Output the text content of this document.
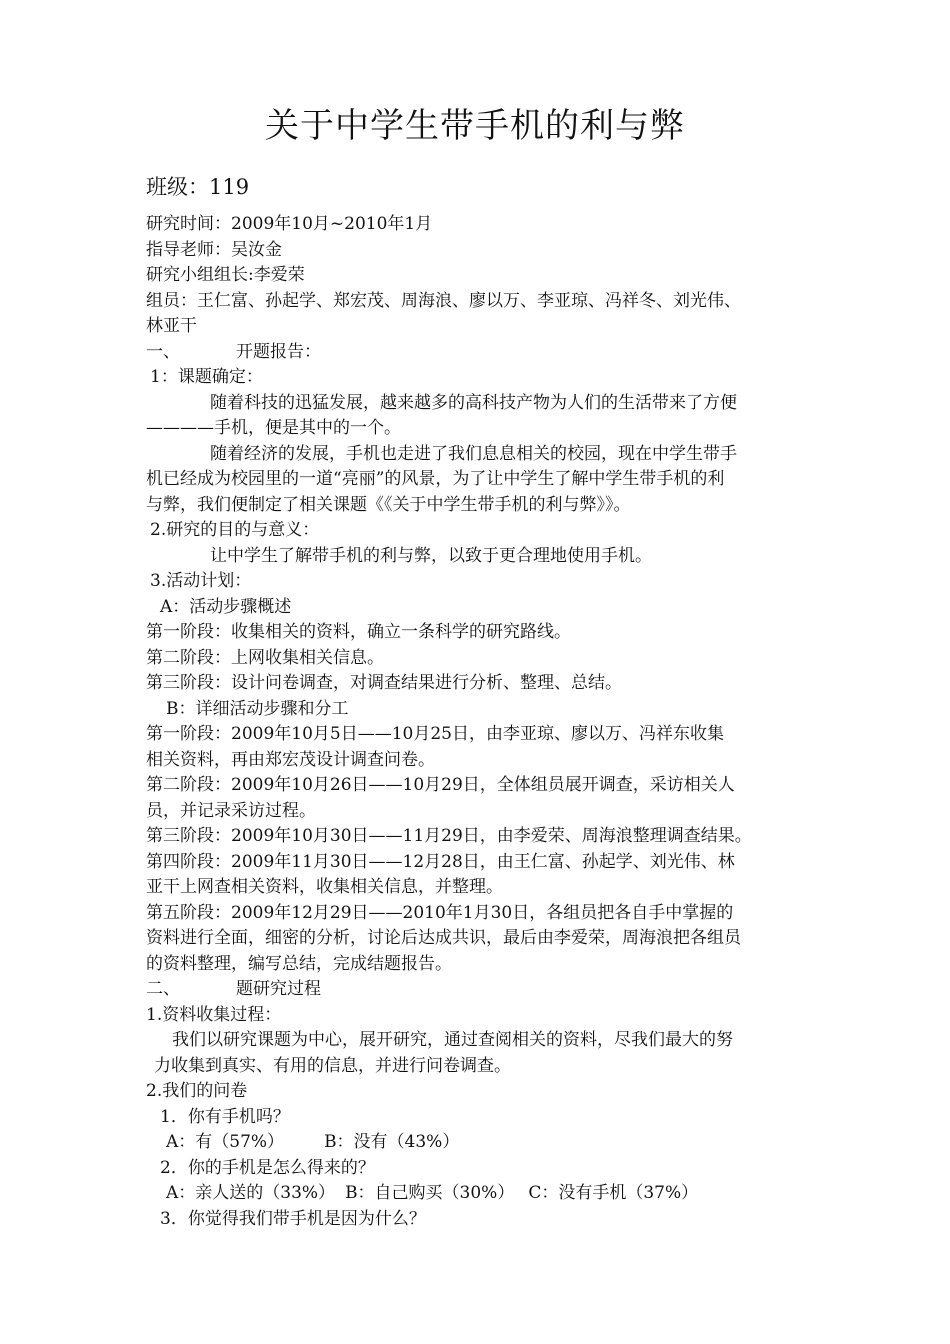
关于中学生带手机的利与弊
班级：119
研究时间：2009年10月~2010年1月
指导老师：吴汝金
研究小组组长:李爱荣
组员：王仁富、孙起学、郑宏茂、周海浪、廖以万、李亚琼、冯祥冬、刘光伟、
林亚干
一、	开题报告：
1：课题确定：
随着科技的迅猛发展，越来越多的高科技产物为人们的生活带来了方便
————手机，便是其中的一个。
随着经济的发展，手机也走进了我们息息相关的校园，现在中学生带手
机已经成为校园里的一道“亮丽”的风景，为了让中学生了解中学生带手机的利
与弊，我们便制定了相关课题《《关于中学生带手机的利与弊》》。
2.研究的目的与意义：
让中学生了解带手机的利与弊，以致于更合理地使用手机。
3.活动计划：
A：活动步骤概述
第一阶段：收集相关的资料，确立一条科学的研究路线。
第二阶段：上网收集相关信息。
第三阶段：设计问卷调查，对调查结果进行分析、整理、总结。
B：详细活动步骤和分工
第一阶段：2009年10月5日——10月25日，由李亚琼、廖以万、冯祥东收集
相关资料，再由郑宏茂设计调查问卷。
第二阶段：2009年10月26日——10月29日，全体组员展开调查，采访相关人
员，并记录采访过程。
第三阶段：2009年10月30日——11月29日，由李爱荣、周海浪整理调查结果。
第四阶段：2009年11月30日——12月28日，由王仁富、孙起学、刘光伟、林
亚干上网查相关资料，收集相关信息，并整理。
第五阶段：2009年12月29日——2010年1月30日，各组员把各自手中掌握的
资料进行全面，细密的分析，讨论后达成共识，最后由李爱荣，周海浪把各组员
的资料整理，编写总结，完成结题报告。
二、	题研究过程
1.资料收集过程：
我们以研究课题为中心，展开研究，通过查阅相关的资料，尽我们最大的努
力收集到真实、有用的信息，并进行问卷调查。
2.我们的问卷
1．你有手机吗？
A：有（57%） B：没有（43%）
2．你的手机是怎么得来的？
A：亲人送的（33%） B：自己购买（30%） C：没有手机（37%）
3．你觉得我们带手机是因为什么？
